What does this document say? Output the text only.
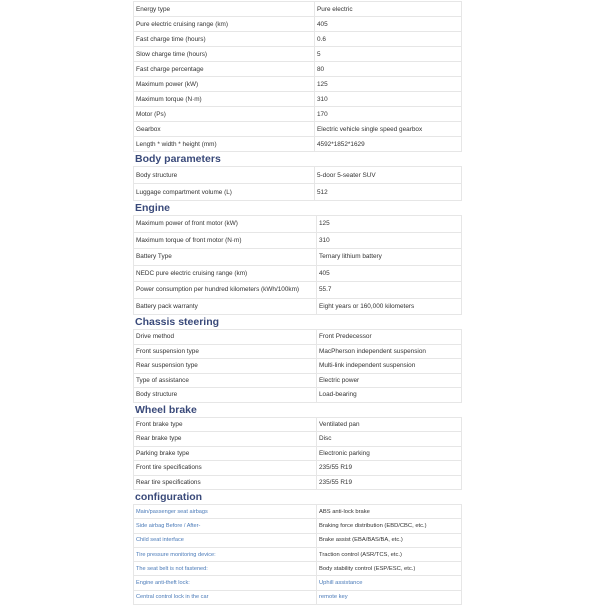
Energy type	Pure electric
Pure electric cruising range (km)	405
Fast charge time (hours)	0.6
Slow charge time (hours)	5
Fast charge percentage	80
Maximum power (kW)	125
Maximum torque (N·m)	310
Motor (Ps)	170
Gearbox	Electric vehicle single speed gearbox
Length * width * height (mm)	4592*1852*1629
Body parameters
Body structure	5-door 5-seater SUV
Luggage compartment volume (L)	512
Engine
Maximum power of front motor (kW)	125
Maximum torque of front motor (N·m)	310
Battery Type	Ternary lithium battery
NEDC pure electric cruising range (km)	405
Power consumption per hundred kilometers (kWh/100km)	55.7
Battery pack warranty	Eight years or 160,000 kilometers
Chassis steering
Drive method	Front Predecessor
Front suspension type	MacPherson independent suspension
Rear suspension type	Multi-link independent suspension
Type of assistance	Electric power
Body structure	Load-bearing
Wheel brake
Front brake type	Ventilated pan
Rear brake type	Disc
Parking brake type	Electronic parking
Front tire specifications	235/55 R19
Rear tire specifications	235/55 R19
configuration
Main/passenger seat airbags	ABS anti-lock brake
Side airbag Before / After-	Braking force distribution (EBD/CBC, etc.)
Child seat interface	Brake assist (EBA/BAS/BA, etc.)
Tire pressure monitoring device:	Traction control (ASR/TCS, etc.)
The seat belt is not fastened:	Body stability control (ESP/ESC, etc.)
Engine anti-theft lock:	Uphill assistance
Central control lock in the car	remote key
